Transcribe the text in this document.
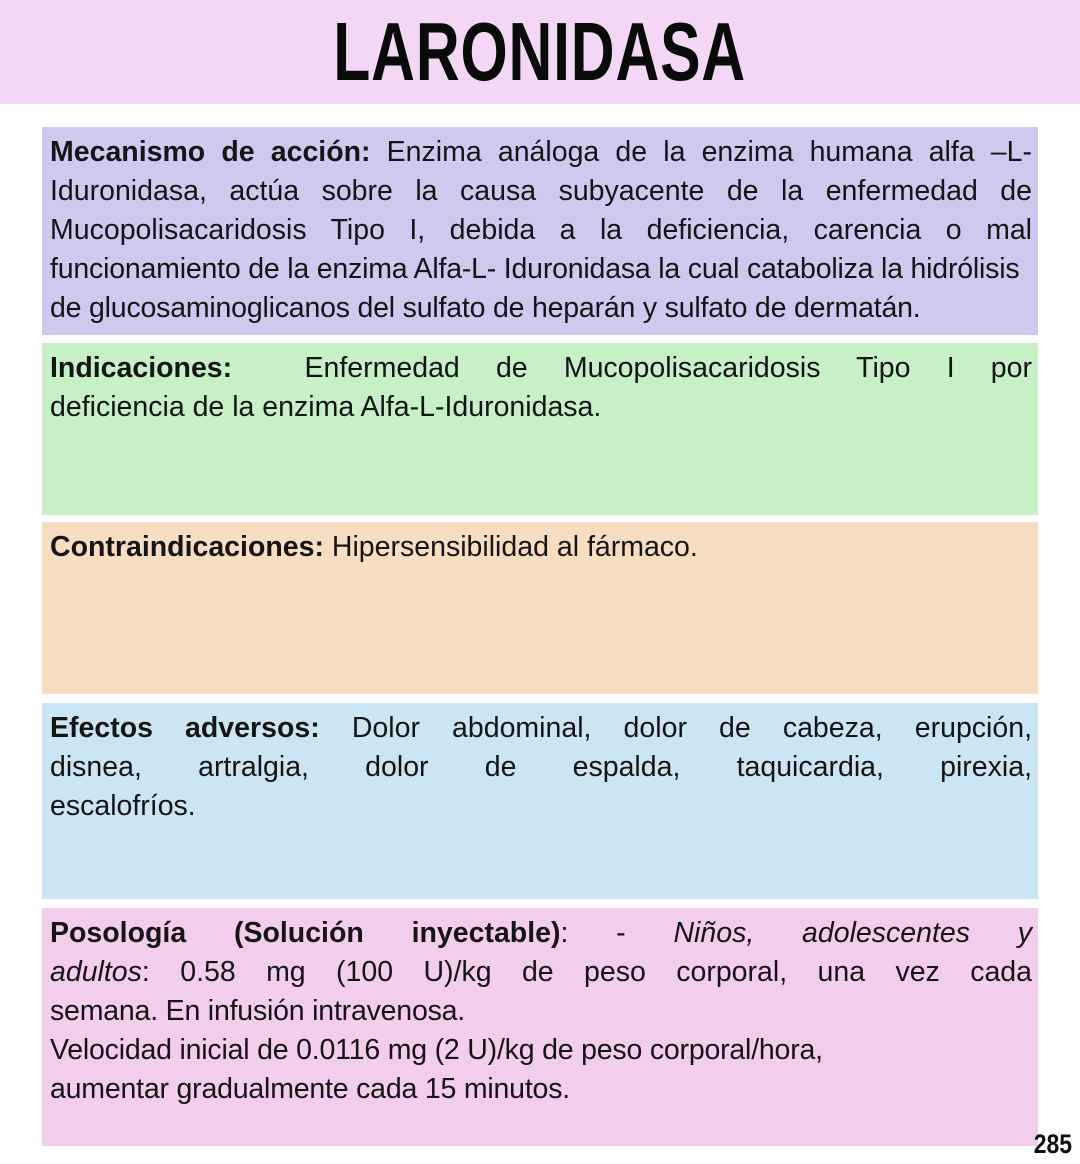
LARONIDASA

Mecanismo de acción: Enzima análoga de la enzima humana alfa –L-

Iduronidasa, actúa sobre la causa subyacente de la enfermedad de

Mucopolisacaridosis Tipo I, debida a la deficiencia, carencia o mal

funcionamiento de la enzima Alfa-L- Iduronidasa la cual cataboliza la hidrólisis

de glucosaminoglicanos del sulfato de heparán y sulfato de dermatán.

Indicaciones:	Enfermedad de Mucopolisacaridosis Tipo I por

deficiencia de la enzima Alfa-L-Iduronidasa.

Contraindicaciones: Hipersensibilidad al fármaco.

Efectos adversos: Dolor abdominal, dolor de cabeza, erupción,

disnea, artralgia, dolor de espalda, taquicardia, pirexia,

escalofríos.

Posología (Solución inyectable): - Niños, adolescentes y

adultos: 0.58 mg (100 U)/kg de peso corporal, una vez cada

semana. En infusión intravenosa.

Velocidad inicial de 0.0116 mg (2 U)/kg de peso corporal/hora,

aumentar gradualmente cada 15 minutos.

285
